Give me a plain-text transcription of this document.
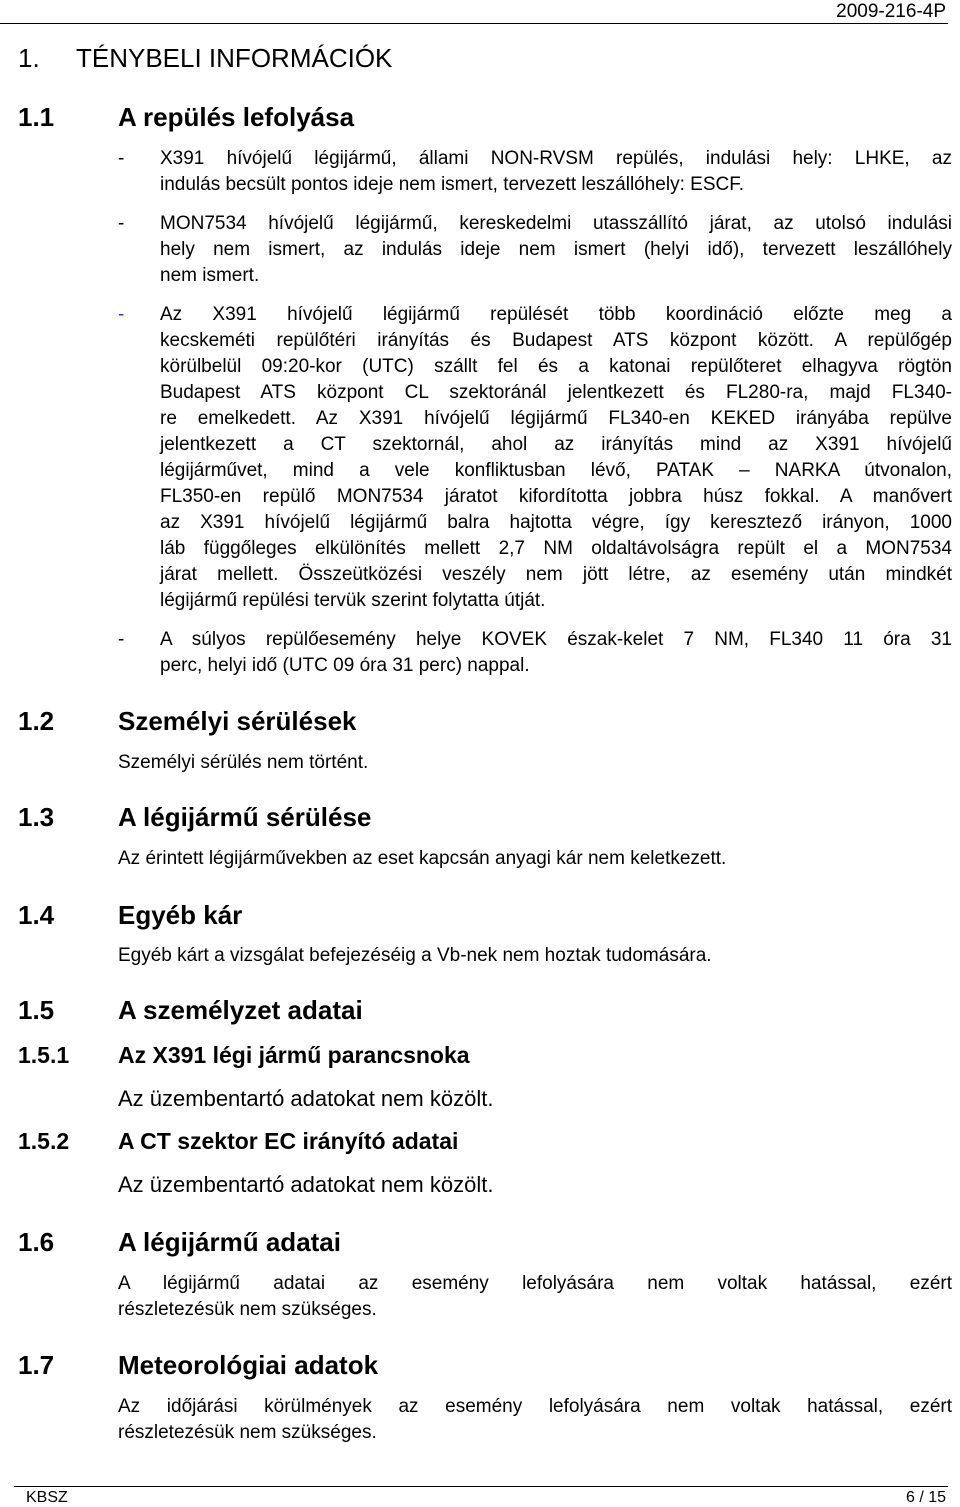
2009-216-4P
1. TÉNYBELI INFORMÁCIÓK
1.1 A repülés lefolyása
- X391 hívójelű légijármű, állami NON-RVSM repülés, indulási hely: LHKE, az
indulás becsült pontos ideje nem ismert, tervezett leszállóhely: ESCF.
- MON7534 hívójelű légijármű, kereskedelmi utasszállító járat, az utolsó indulási
hely nem ismert, az indulás ideje nem ismert (helyi idő), tervezett leszállóhely
nem ismert.
- Az X391 hívójelű légijármű repülését több koordináció előzte meg a
kecskeméti repülőtéri irányítás és Budapest ATS központ között. A repülőgép
körülbelül 09:20-kor (UTC) szállt fel és a katonai repülőteret elhagyva rögtön
Budapest ATS központ CL szektoránál jelentkezett és FL280-ra, majd FL340-
re emelkedett. Az X391 hívójelű légijármű FL340-en KEKED irányába repülve
jelentkezett a CT szektornál, ahol az irányítás mind az X391 hívójelű
légijárművet, mind a vele konfliktusban lévő, PATAK – NARKA útvonalon,
FL350-en repülő MON7534 járatot kifordította jobbra húsz fokkal. A manővert
az X391 hívójelű légijármű balra hajtotta végre, így keresztező irányon, 1000
láb függőleges elkülönítés mellett 2,7 NM oldaltávolságra repült el a MON7534
járat mellett. Összeütközési veszély nem jött létre, az esemény után mindkét
légijármű repülési tervük szerint folytatta útját.
- A súlyos repülőesemény helye KOVEK észak-kelet 7 NM, FL340 11 óra 31
perc, helyi idő (UTC 09 óra 31 perc) nappal.
1.2 Személyi sérülések
Személyi sérülés nem történt.
1.3 A légijármű sérülése
Az érintett légijárművekben az eset kapcsán anyagi kár nem keletkezett.
1.4 Egyéb kár
Egyéb kárt a vizsgálat befejezéséig a Vb-nek nem hoztak tudomására.
1.5 A személyzet adatai
1.5.1 Az X391 légi jármű parancsnoka
Az üzembentartó adatokat nem közölt.
1.5.2 A CT szektor EC irányító adatai
Az üzembentartó adatokat nem közölt.
1.6 A légijármű adatai
A légijármű adatai az esemény lefolyására nem voltak hatással, ezért
részletezésük nem szükséges.
1.7 Meteorológiai adatok
Az időjárási körülmények az esemény lefolyására nem voltak hatással, ezért
részletezésük nem szükséges.
KBSZ	6 / 15
